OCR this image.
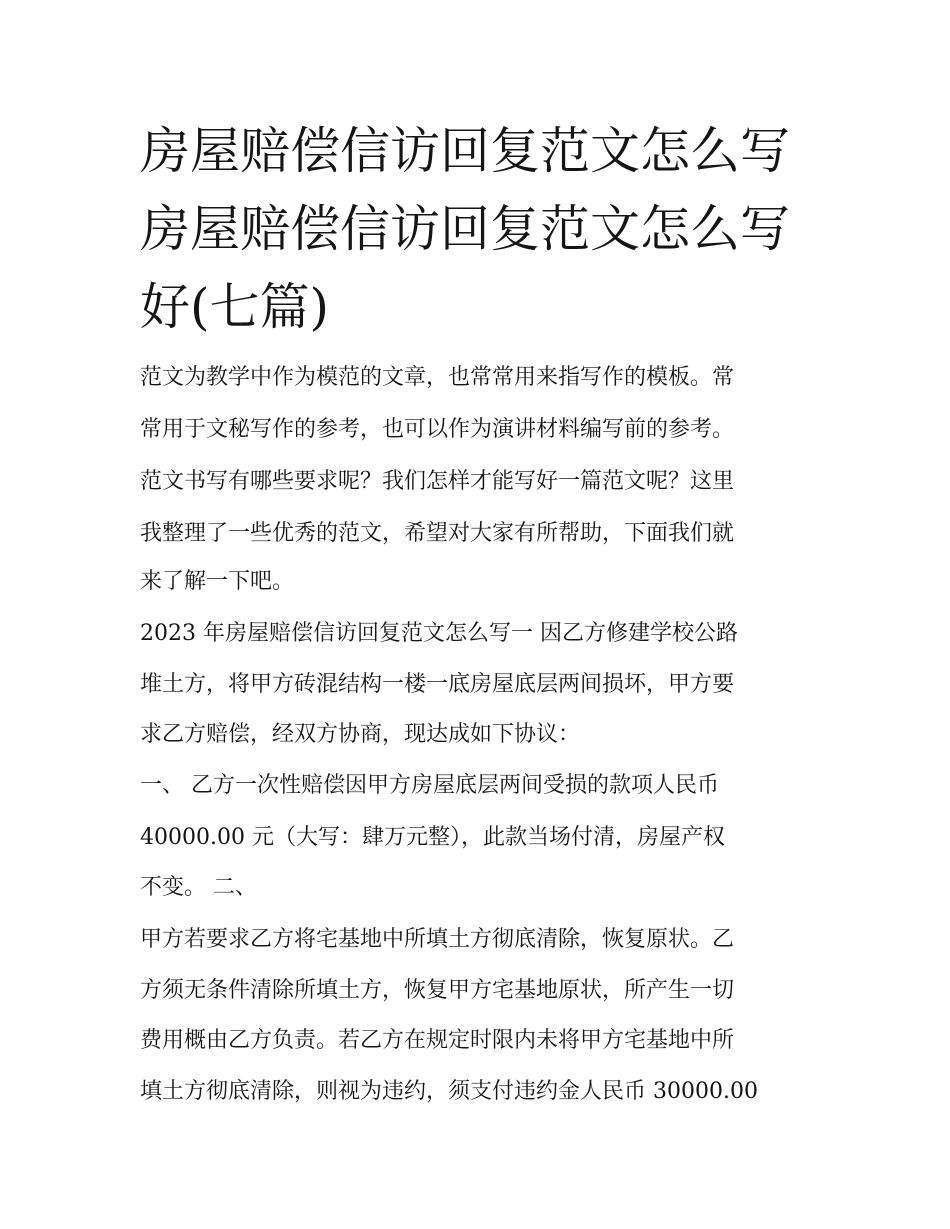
房屋赔偿信访回复范文怎么写
房屋赔偿信访回复范文怎么写
好(七篇)
范文为教学中作为模范的文章，也常常用来指写作的模板。常
常用于文秘写作的参考，也可以作为演讲材料编写前的参考。
范文书写有哪些要求呢？我们怎样才能写好一篇范文呢？这里
我整理了一些优秀的范文，希望对大家有所帮助，下面我们就
来了解一下吧。
2023 年房屋赔偿信访回复范文怎么写一 因乙方修建学校公路
堆土方，将甲方砖混结构一楼一底房屋底层两间损坏，甲方要
求乙方赔偿，经双方协商，现达成如下协议：
一、 乙方一次性赔偿因甲方房屋底层两间受损的款项人民币
40000.00 元（大写：肆万元整），此款当场付清，房屋产权
不变。 二、
甲方若要求乙方将宅基地中所填土方彻底清除，恢复原状。乙
方须无条件清除所填土方，恢复甲方宅基地原状，所产生一切
费用概由乙方负责。若乙方在规定时限内未将甲方宅基地中所
填土方彻底清除，则视为违约，须支付违约金人民币 30000.00
